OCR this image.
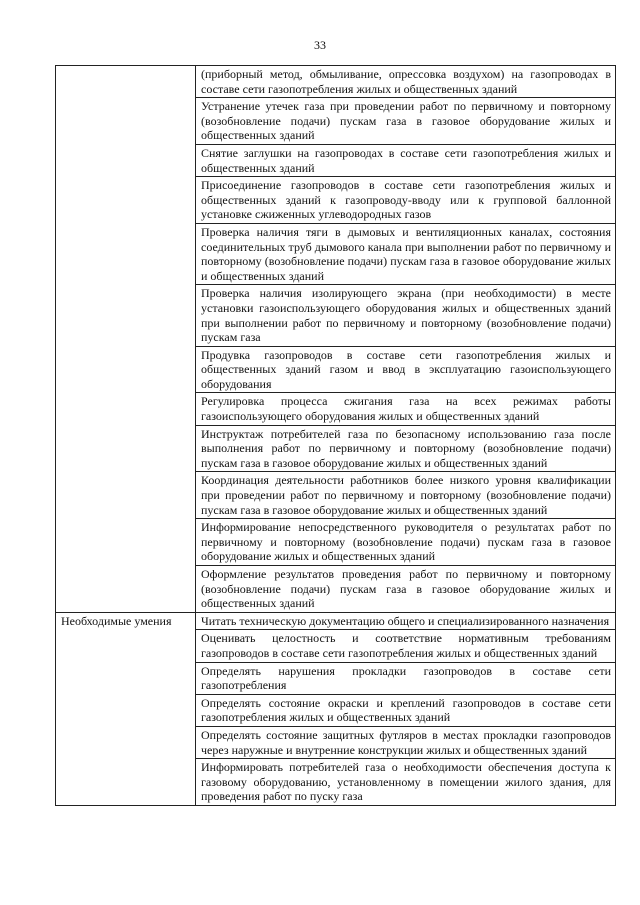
33
	(приборный метод, обмыливание, опрессовка воздухом) на газопроводах в составе сети газопотребления жилых и общественных зданий
	Устранение утечек газа при проведении работ по первичному и повторному (возобновление подачи) пускам газа в газовое оборудование жилых и общественных зданий
	Снятие заглушки на газопроводах в составе сети газопотребления жилых и общественных зданий
	Присоединение газопроводов в составе сети газопотребления жилых и общественных зданий к газопроводу-вводу или к групповой баллонной установке сжиженных углеводородных газов
	Проверка наличия тяги в дымовых и вентиляционных каналах, состояния соединительных труб дымового канала при выполнении работ по первичному и повторному (возобновление подачи) пускам газа в газовое оборудование жилых и общественных зданий
	Проверка наличия изолирующего экрана (при необходимости) в месте установки газоиспользующего оборудования жилых и общественных зданий при выполнении работ по первичному и повторному (возобновление подачи) пускам газа
	Продувка газопроводов в составе сети газопотребления жилых и общественных зданий газом и ввод в эксплуатацию газоиспользующего оборудования
	Регулировка процесса сжигания газа на всех режимах работы газоиспользующего оборудования жилых и общественных зданий
	Инструктаж потребителей газа по безопасному использованию газа после выполнения работ по первичному и повторному (возобновление подачи) пускам газа в газовое оборудование жилых и общественных зданий
	Координация деятельности работников более низкого уровня квалификации при проведении работ по первичному и повторному (возобновление подачи) пускам газа в газовое оборудование жилых и общественных зданий
	Информирование непосредственного руководителя о результатах работ по первичному и повторному (возобновление подачи) пускам газа в газовое оборудование жилых и общественных зданий
	Оформление результатов проведения работ по первичному и повторному (возобновление подачи) пускам газа в газовое оборудование жилых и общественных зданий
Необходимые умения	Читать техническую документацию общего и специализированного назначения
	Оценивать целостность и соответствие нормативным требованиям газопроводов в составе сети газопотребления жилых и общественных зданий
	Определять нарушения прокладки газопроводов в составе сети газопотребления
	Определять состояние окраски и креплений газопроводов в составе сети газопотребления жилых и общественных зданий
	Определять состояние защитных футляров в местах прокладки газопроводов через наружные и внутренние конструкции жилых и общественных зданий
	Информировать потребителей газа о необходимости обеспечения доступа к газовому оборудованию, установленному в помещении жилого здания, для проведения работ по пуску газа
